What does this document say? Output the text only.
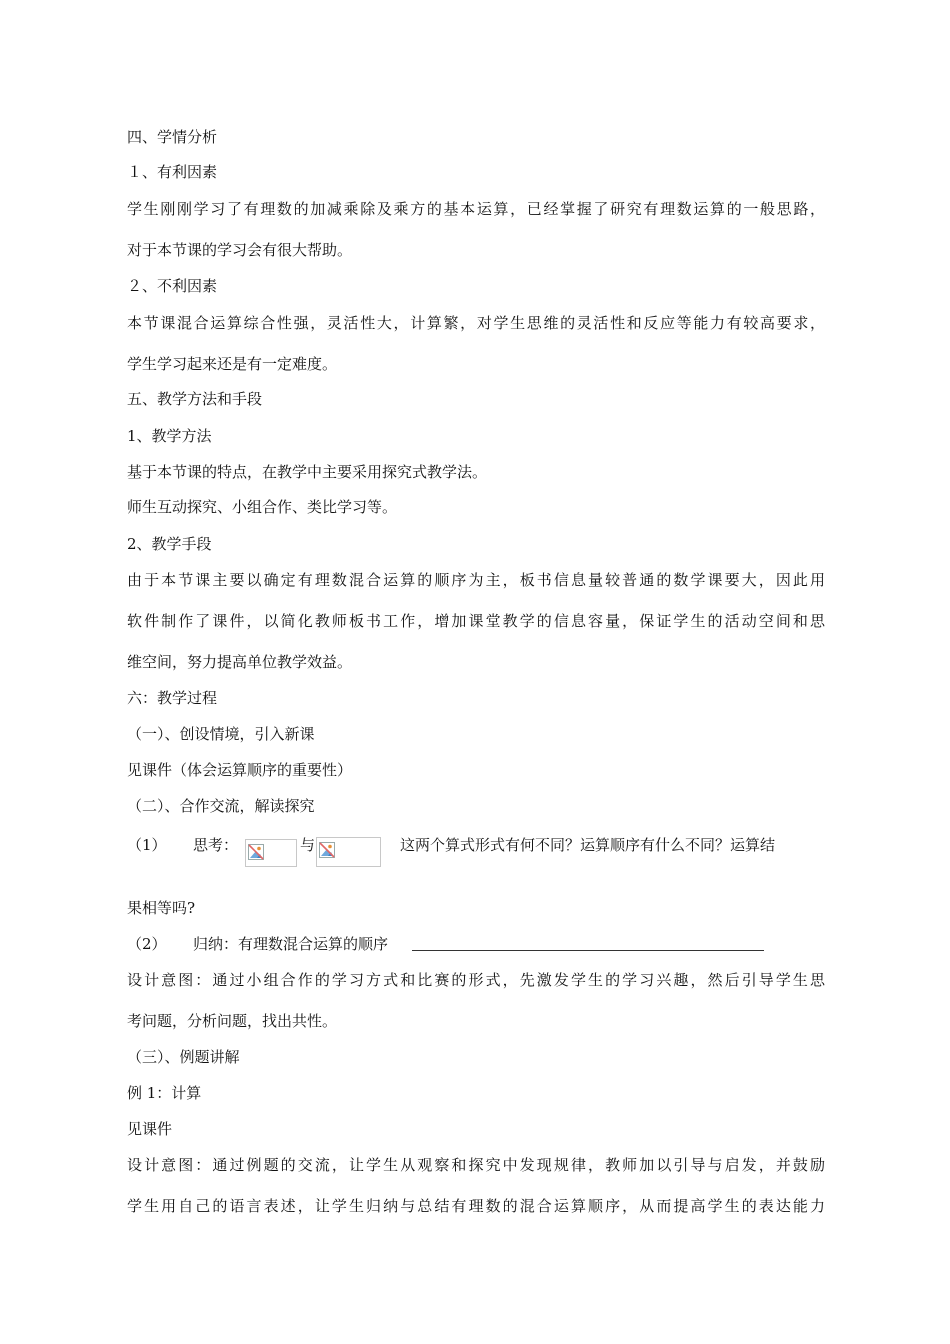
四、学情分析
１、有利因素
学生刚刚学习了有理数的加减乘除及乘方的基本运算，已经掌握了研究有理数运算的一般思路，
对于本节课的学习会有很大帮助。
２、不利因素
本节课混合运算综合性强，灵活性大，计算繁，对学生思维的灵活性和反应等能力有较高要求，
学生学习起来还是有一定难度。
五、教学方法和手段
1、教学方法
基于本节课的特点，在教学中主要采用探究式教学法。
师生互动探究、小组合作、类比学习等。
2、教学手段
由于本节课主要以确定有理数混合运算的顺序为主，板书信息量较普通的数学课要大，因此用
软件制作了课件，以简化教师板书工作，增加课堂教学的信息容量，保证学生的活动空间和思
维空间，努力提高单位教学效益。
六：教学过程
（一）、创设情境，引入新课
见课件（体会运算顺序的重要性）
（二）、合作交流，解读探究
（1） 思考：	与	这两个算式形式有何不同？运算顺序有什么不同？运算结
果相等吗?
（2） 归纳：有理数混合运算的顺序
设计意图：通过小组合作的学习方式和比赛的形式，先激发学生的学习兴趣，然后引导学生思
考问题，分析问题，找出共性。
（三）、例题讲解
例 1：计算
见课件
设计意图：通过例题的交流，让学生从观察和探究中发现规律，教师加以引导与启发，并鼓励
学生用自己的语言表述，让学生归纳与总结有理数的混合运算顺序，从而提高学生的表达能力
